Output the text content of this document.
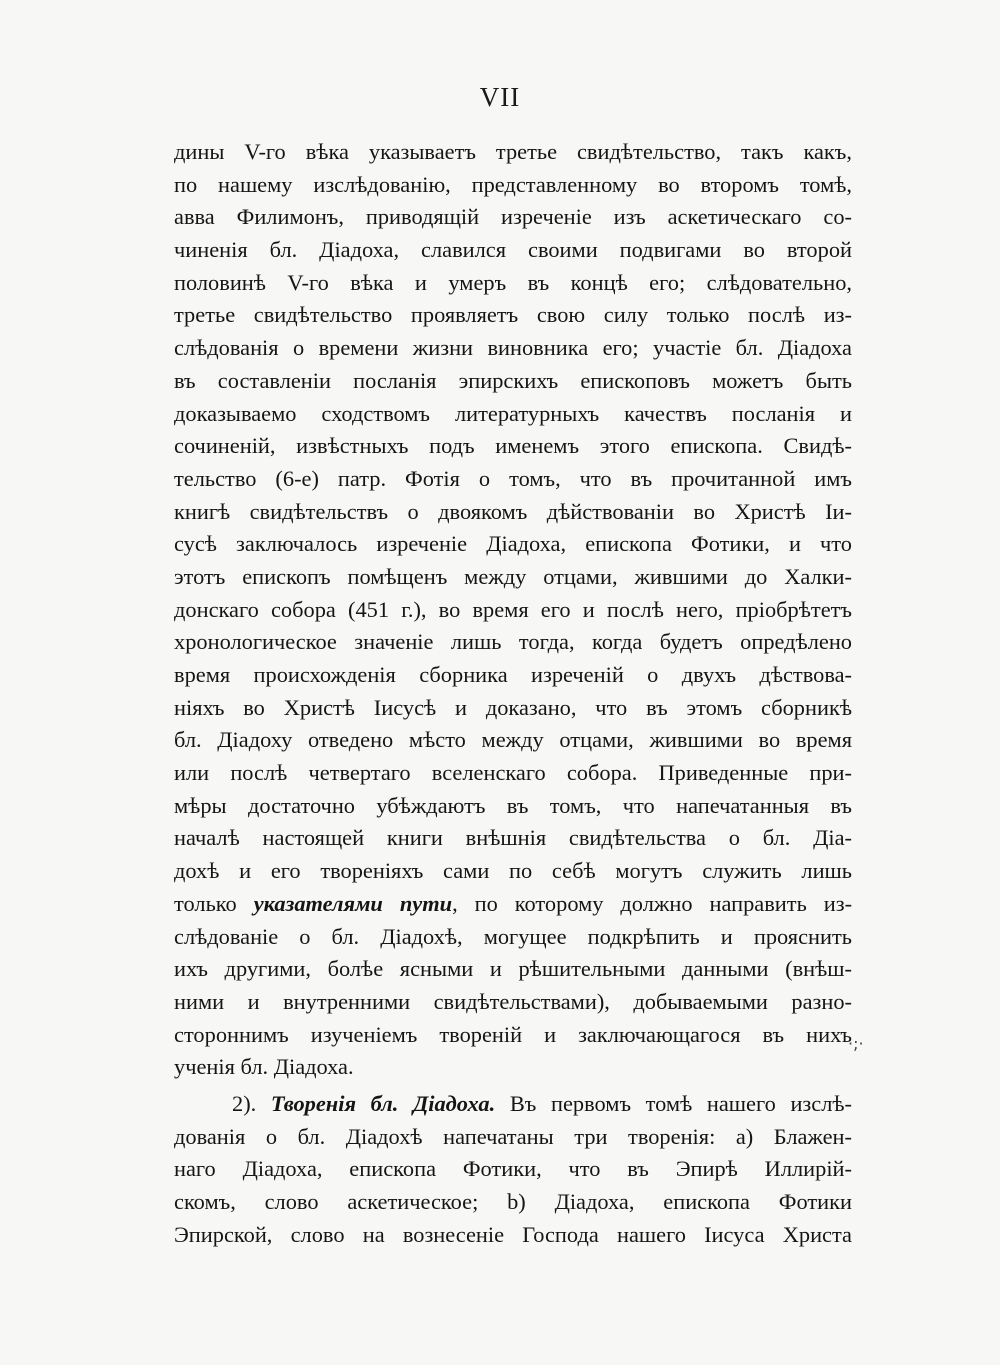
VII
дины V-го вѣка указываетъ третье свидѣтельство, такъ какъ,
по нашему изслѣдованію, представленному во второмъ томѣ,
авва Филимонъ, приводящій изреченіе изъ аскетическаго со-
чиненія бл. Діадоха, славился своими подвигами во второй
половинѣ V-го вѣка и умеръ въ концѣ его; слѣдовательно,
третье свидѣтельство проявляетъ свою силу только послѣ из-
слѣдованія о времени жизни виновника его; участіе бл. Діадоха
въ составленіи посланія эпирскихъ епископовъ можетъ быть
доказываемо сходствомъ литературныхъ качествъ посланія и
сочиненій, извѣстныхъ подъ именемъ этого епископа. Свидѣ-
тельство (6-е) патр. Фотія о томъ, что въ прочитанной имъ
книгѣ свидѣтельствъ о двоякомъ дѣйствованіи во Христѣ Іи-
сусѣ заключалось изреченіе Діадоха, епископа Фотики, и что
этотъ епископъ помѣщенъ между отцами, жившими до Халки-
донскаго собора (451 г.), во время его и послѣ него, пріобрѣтетъ
хронологическое значеніе лишь тогда, когда будетъ опредѣлено
время происхожденія сборника изреченій о двухъ дѣствова-
ніяхъ во Христѣ Іисусѣ и доказано, что въ этомъ сборникѣ
бл. Діадоху отведено мѣсто между отцами, жившими во время
или послѣ четвертаго вселенскаго собора. Приведенные при-
мѣры достаточно убѣждаютъ въ томъ, что напечатанныя въ
началѣ настоящей книги внѣшнія свидѣтельства о бл. Діа-
дохѣ и его твореніяхъ сами по себѣ могутъ служить лишь
только указателями пути, по которому должно направить из-
слѣдованіе о бл. Діадохѣ, могущее подкрѣпить и прояснить
ихъ другими, болѣе ясными и рѣшительными данными (внѣш-
ними и внутренними свидѣтельствами), добываемыми разно-
стороннимъ изученіемъ твореній и заключающагося въ нихъ
ученія бл. Діадоха.
2). Творенія бл. Діадоха. Въ первомъ томѣ нашего изслѣ-
дованія о бл. Діадохѣ напечатаны три творенія: a) Блажен-
наго Діадоха, епископа Фотики, что въ Эпирѣ Иллирій-
скомъ, слово аскетическое; b) Діадоха, епископа Фотики
Эпирской, слово на вознесеніе Господа нашего Іисуса Христа
·;·
